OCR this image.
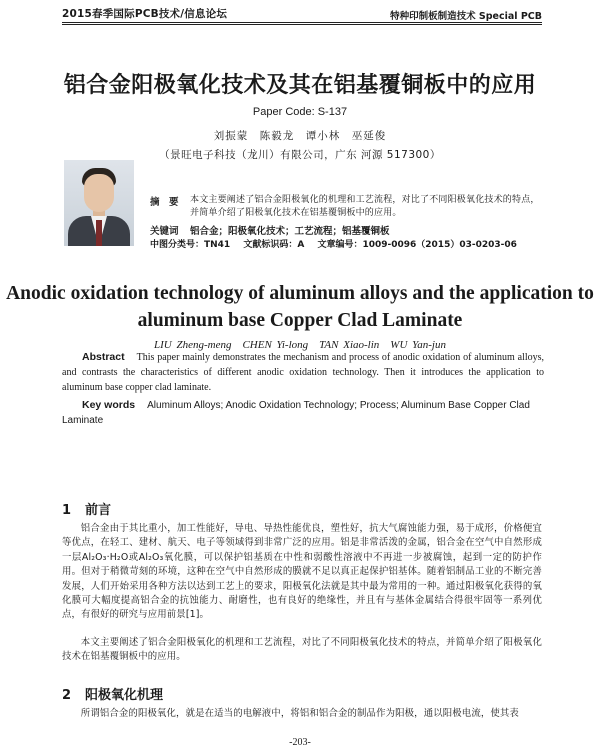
2015春季国际PCB技术/信息论坛	特种印制板制造技术 Special PCB
铝合金阳极氧化技术及其在铝基覆铜板中的应用
Paper Code: S-137
刘振蒙　陈毅龙　谭小林　巫延俊
（景旺电子科技（龙川）有限公司，广东 河源 517300）
摘　要 本文主要阐述了铝合金阳极氧化的机理和工艺流程，对比了不同阳极氧化技术的特点，并简单介绍了阳极氧化技术在铝基覆铜板中的应用。
关键词 铝合金；阳极氧化技术；工艺流程；铝基覆铜板
中图分类号：TN41 文献标识码：A 文章编号：1009-0096（2015）03-0203-06
Anodic oxidation technology of aluminum alloys and the application to aluminum base Copper Clad Laminate
LIU Zheng-meng　CHEN Yi-long　TAN Xiao-lin　WU Yan-jun
Abstract This paper mainly demonstrates the mechanism and process of anodic oxidation of aluminum alloys, and contrasts the characteristics of different anodic oxidation technology. Then it introduces the application to aluminum base copper clad laminate.
Key words Aluminum Alloys; Anodic Oxidation Technology; Process; Aluminum Base Copper Clad Laminate
1 前言
铝合金由于其比重小，加工性能好，导电、导热性能优良，塑性好，抗大气腐蚀能力强，易于成形，价格便宜等优点，在轻工、建材、航天、电子等领域得到非常广泛的应用。铝是非常活泼的金属，铝合金在空气中自然形成一层Al₂O₃·H₂O或Al₂O₃氧化膜，可以保护铝基质在中性和弱酸性溶液中不再进一步被腐蚀，起到一定的防护作用。但对于稍微苛刻的环境，这种在空气中自然形成的膜就不足以真正起保护铝基体。随着铝制品工业的不断完善发展，人们开始采用各种方法以达到工艺上的要求，阳极氧化法就是其中最为常用的一种。通过阳极氧化获得的氧化膜可大幅度提高铝合金的抗蚀能力、耐磨性，也有良好的绝缘性，并且有与基体金属结合得很牢固等一系列优点，有很好的研究与应用前景[1]。
本文主要阐述了铝合金阳极氧化的机理和工艺流程，对比了不同阳极氧化技术的特点，并简单介绍了阳极氧化技术在铝基覆铜板中的应用。
2 阳极氧化机理
所谓铝合金的阳极氧化，就是在适当的电解液中，将铝和铝合金的制品作为阳极，通以阳极电流，使其表
-203-
